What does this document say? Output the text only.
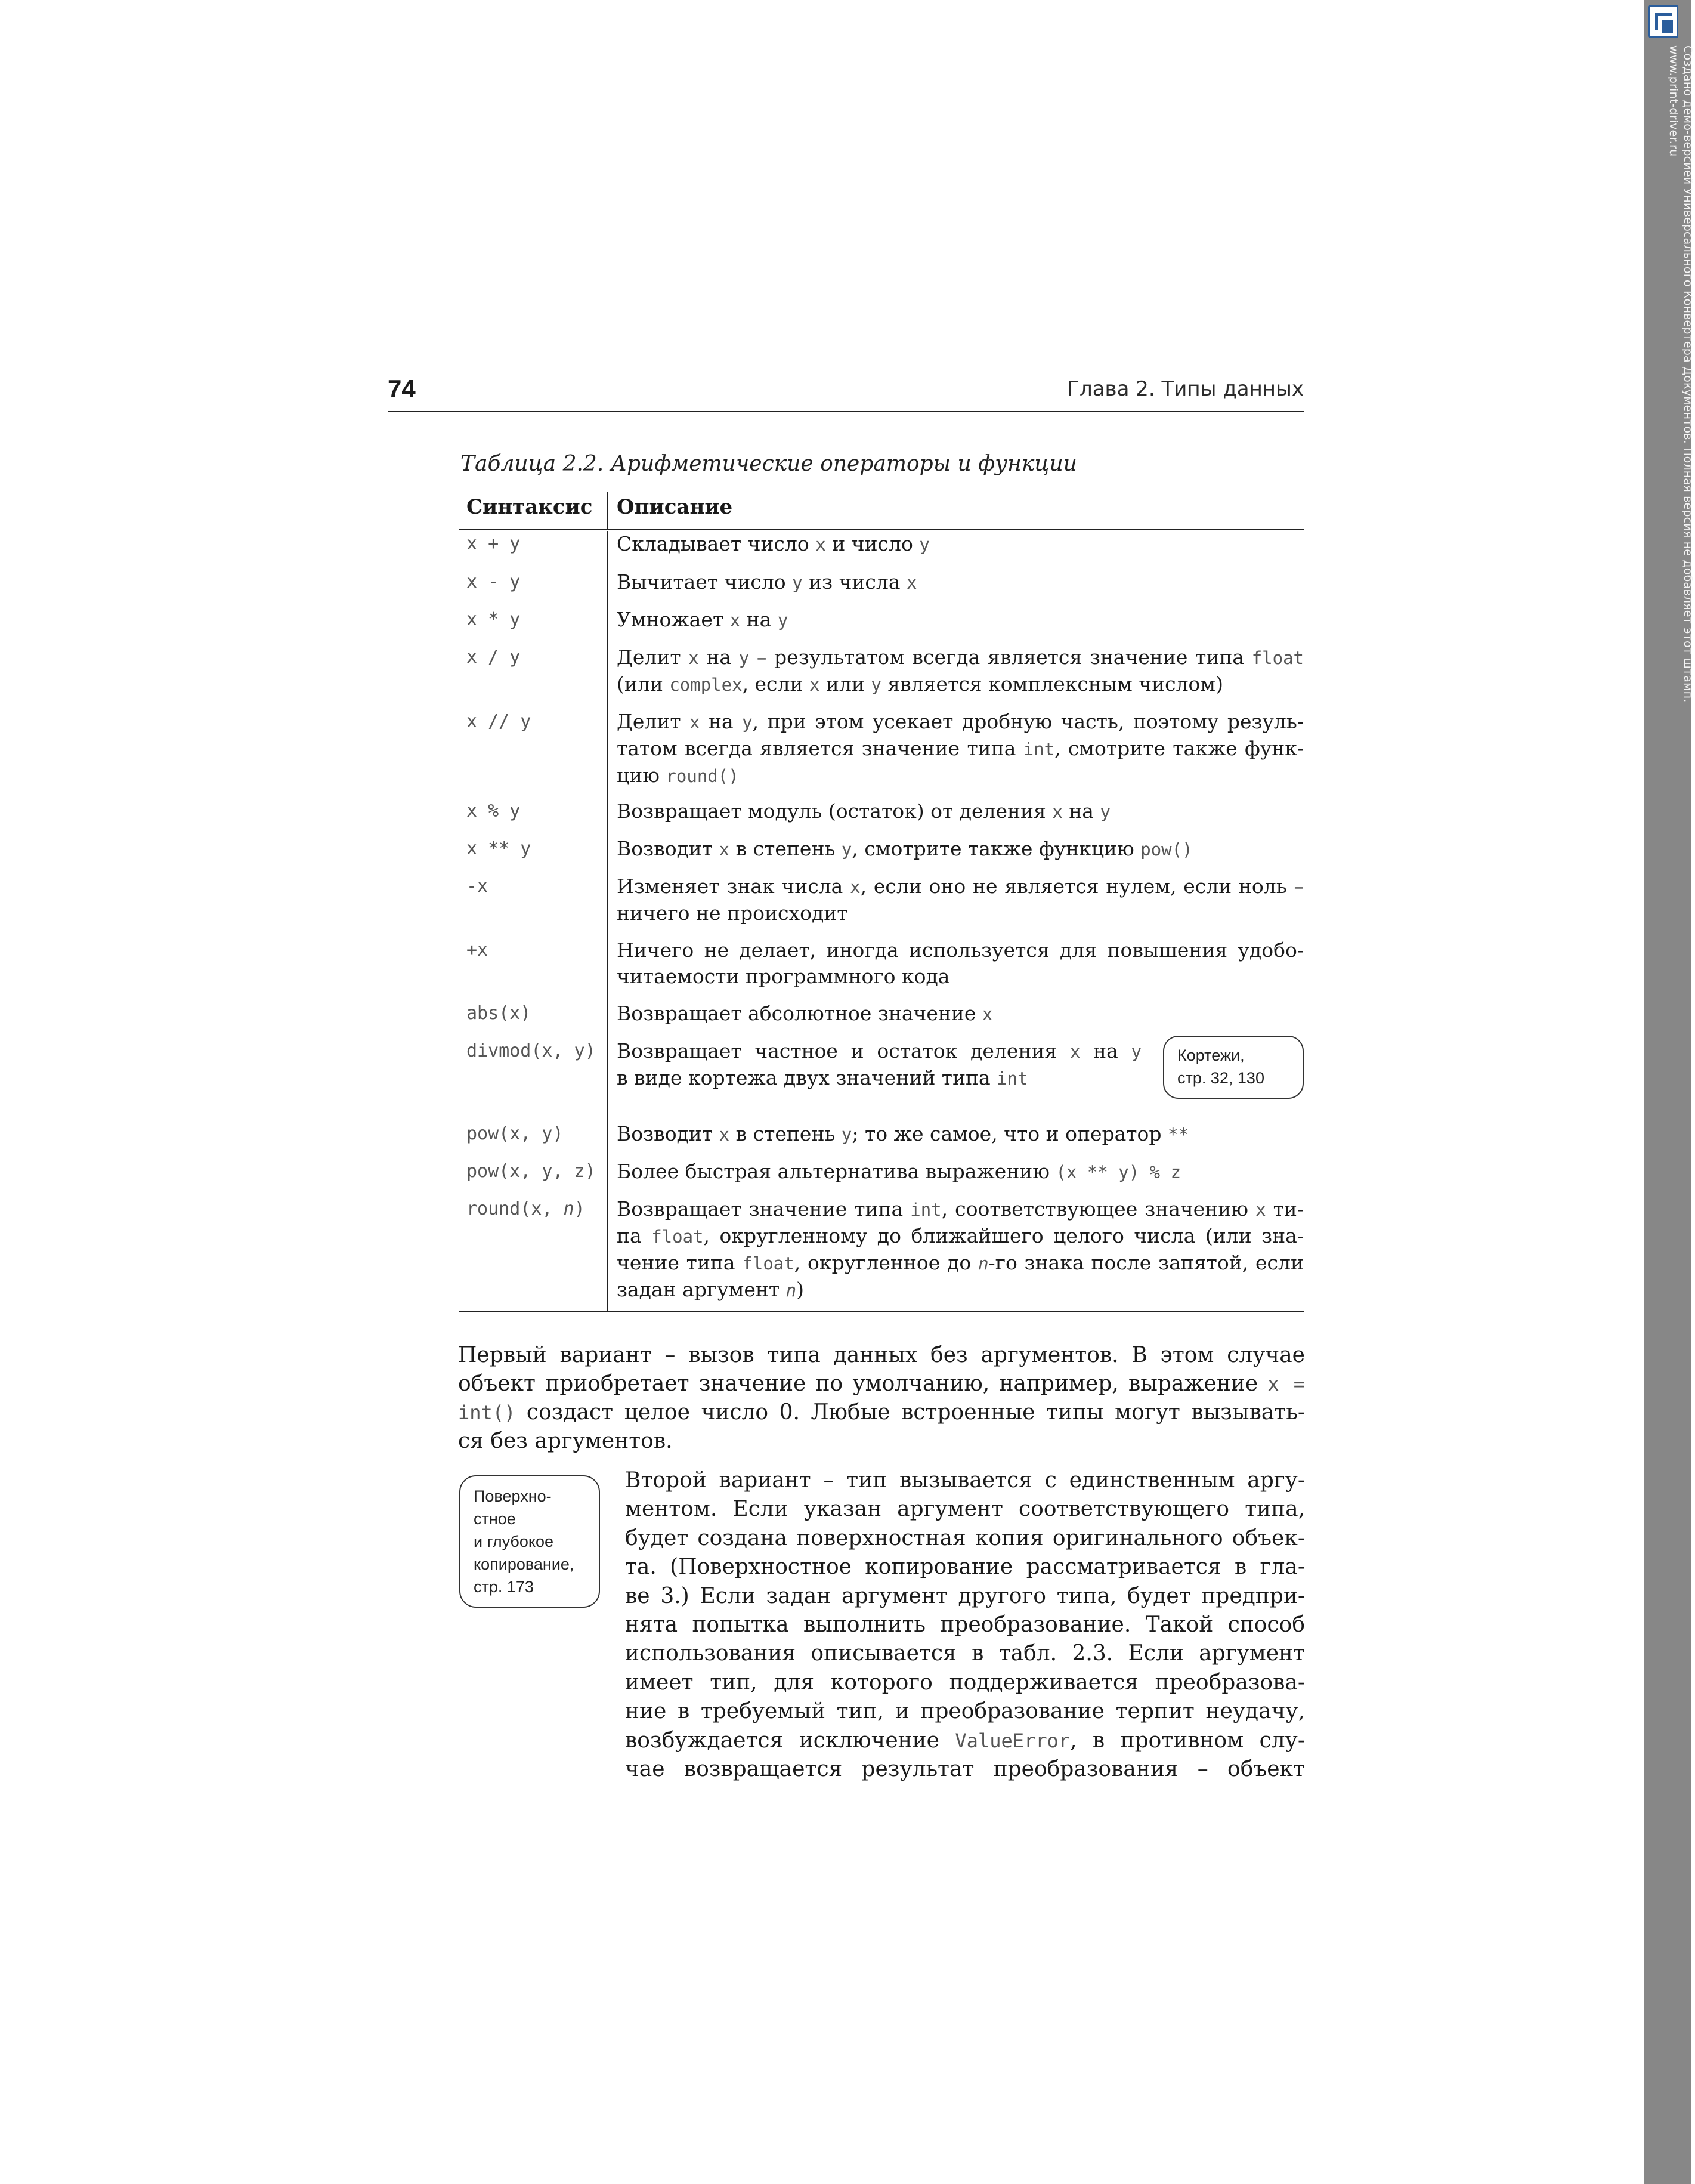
Создано демо-версией Универсального Конвертера Документов. Полная версия не добавляет этот штамп.
www.print-driver.ru
74	Глава 2. Типы данных
Таблица 2.2. Арифметические операторы и функции
Синтаксис	Описание
x + y	Складывает число x и число y
x - y	Вычитает число y из числа x
x * y	Умножает x на y
x / y	Делит x на y – результатом всегда является значение типа float
(или complex, если x или y является комплексным числом)
x // y	Делит x на y, при этом усекает дробную часть, поэтому резуль-
татом всегда является значение типа int, смотрите также функ-
цию round()
x % y	Возвращает модуль (остаток) от деления x на y
x ** y	Возводит x в степень y, смотрите также функцию pow()
-x	Изменяет знак числа x, если оно не является нулем, если ноль –
ничего не происходит
+x	Ничего не делает, иногда используется для повышения удобо-
читаемости программного кода
abs(x)	Возвращает абсолютное значение x
divmod(x, y)	Возвращает частное и остаток деления x на y
в виде кортежа двух значений типа int
Кортежи,
стр. 32, 130
pow(x, y)	Возводит x в степень y; то же самое, что и оператор **
pow(x, y, z)	Более быстрая альтернатива выражению (x ** y) % z
round(x, n)	Возвращает значение типа int, соответствующее значению x ти-
па float, округленному до ближайшего целого числа (или зна-
чение типа float, округленное до n-го знака после запятой, если
задан аргумент n)
Первый вариант – вызов типа данных без аргументов. В этом случае
объект приобретает значение по умолчанию, например, выражение x =
int() создаст целое число 0. Любые встроенные типы могут вызывать-
ся без аргументов.
Поверхно-
стное
и глубокое
копирование,
стр. 173
Второй вариант – тип вызывается с единственным аргу-
ментом. Если указан аргумент соответствующего типа,
будет создана поверхностная копия оригинального объек-
та. (Поверхностное копирование рассматривается в гла-
ве 3.) Если задан аргумент другого типа, будет предпри-
нята попытка выполнить преобразование. Такой способ
использования описывается в табл. 2.3. Если аргумент
имеет тип, для которого поддерживается преобразова-
ние в требуемый тип, и преобразование терпит неудачу,
возбуждается исключение ValueError, в противном слу-
чае возвращается результат преобразования – объект
